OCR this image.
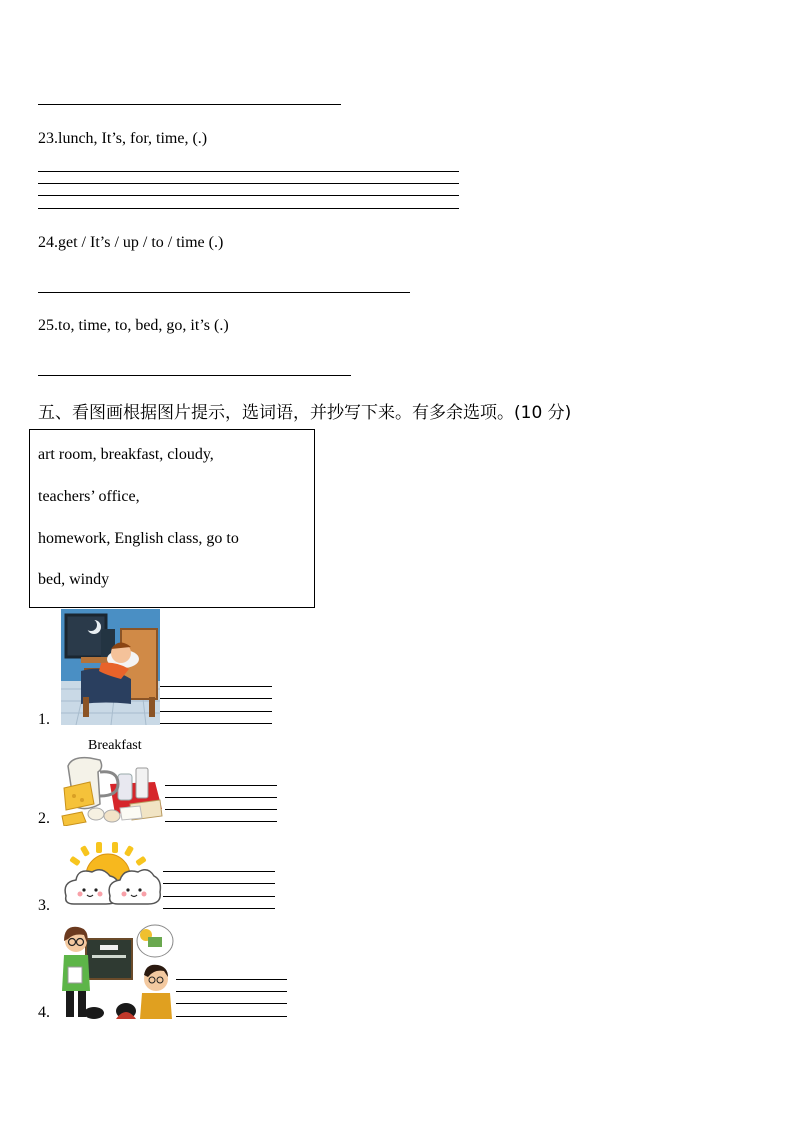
23.lunch, It’s, for, time, (.)
24.get / It’s / up / to / time (.)
25.to, time, to, bed, go, it’s (.)
五、看图画根据图片提示，选词语，并抄写下来。有多余选项。(10 分)
art room, breakfast, cloudy,
teachers’ office,
homework, English class, go to
bed, windy
1.
Breakfast
2.
3.
4.
